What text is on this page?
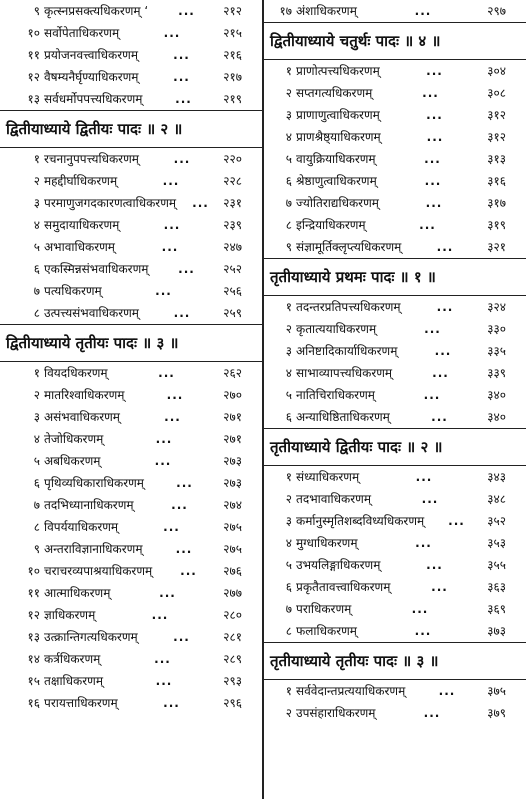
९ कृत्स्नप्रसक्त्यधिकरणम् ‘	...	२१२
१० सर्वोपेताधिकरणम्	...	२१५
११ प्रयोजनवत्त्वाधिकरणम्	...	२१६
१२ वैषम्यनैर्घृण्याधिकरणम्	...	२१७
१३ सर्वधर्मोपपत्त्यधिकरणम्	...	२१९
द्वितीयाध्याये द्वितीयः पादः ॥ २ ॥
१ रचनानुपपत्त्यधिकरणम्	...	२२०
२ महद्दीर्घाधिकरणम्	...	२२८
३ परमाणुजगदकारणत्वाधिकरणम्	...	२३१
४ समुदायाधिकरणम्	...	२३९
५ अभावाधिकरणम्	...	२४७
६ एकस्मिन्नसंभवाधिकरणम्	...	२५२
७ पत्यधिकरणम्	...	२५६
८ उत्पत्त्यसंभवाधिकरणम्	...	२५९
द्वितीयाध्याये तृतीयः पादः ॥ ३ ॥
१ वियदधिकरणम्	...	२६२
२ मातरिश्वाधिकरणम्	...	२७०
३ असंभवाधिकरणम्	...	२७१
४ तेजोधिकरणम्	...	२७१
५ अबधिकरणम्	...	२७३
६ पृथिव्यधिकाराधिकरणम्	...	२७३
७ तदभिध्यानाधिकरणम्	...	२७४
८ विपर्ययाधिकरणम्	...	२७५
९ अन्तराविज्ञानाधिकरणम्	...	२७५
१० चराचरव्यपाश्रयाधिकरणम्	...	२७६
११ आत्माधिकरणम्	...	२७७
१२ ज्ञाधिकरणम्	...	२८०
१३ उत्क्रान्तिगत्यधिकरणम्	...	२८१
१४ कर्त्रधिकरणम्	...	२८९
१५ तक्षाधिकरणम्	...	२९३
१६ परायत्ताधिकरणम्	...	२९६
१७ अंशाधिकरणम्	...	२९७
द्वितीयाध्याये चतुर्थः पादः ॥ ४ ॥
१ प्राणोत्पत्त्यधिकरणम्	...	३०४
२ सप्तगत्यधिकरणम्	...	३०८
३ प्राणाणुत्वाधिकरणम्	...	३१२
४ प्राणश्रैष्ठ्याधिकरणम्	...	३१२
५ वायुक्रियाधिकरणम्	...	३१३
६ श्रेष्ठाणुत्वाधिकरणम्	...	३१६
७ ज्योतिराद्यधिकरणम्	...	३१७
८ इन्द्रियाधिकरणम्	...	३१९
९ संज्ञामूर्तिक्लृप्त्यधिकरणम्	...	३२१
तृतीयाध्याये प्रथमः पादः ॥ १ ॥
१ तदन्तरप्रतिपत्त्यधिकरणम्	...	३२४
२ कृतात्ययाधिकरणम्	...	३३०
३ अनिष्टादिकार्याधिकरणम्	...	३३५
४ साभाव्यापत्त्यधिकरणम्	...	३३९
५ नातिचिराधिकरणम्	...	३४०
६ अन्याधिष्ठिताधिकरणम्	...	३४०
तृतीयाध्याये द्वितीयः पादः ॥ २ ॥
१ संध्याधिकरणम्	...	३४३
२ तदभावाधिकरणम्	...	३४८
३ कर्मानुस्मृतिशब्दविध्यधिकरणम्	...	३५२
४ मुग्धाधिकरणम्	...	३५३
५ उभयलिङ्गाधिकरणम्	...	३५५
६ प्रकृतैतावत्त्वाधिकरणम्	...	३६३
७ पराधिकरणम्	...	३६९
८ फलाधिकरणम्	...	३७३
तृतीयाध्याये तृतीयः पादः ॥ ३ ॥
१ सर्ववेदान्तप्रत्ययाधिकरणम्	...	३७५
२ उपसंहाराधिकरणम्	...	३७९
